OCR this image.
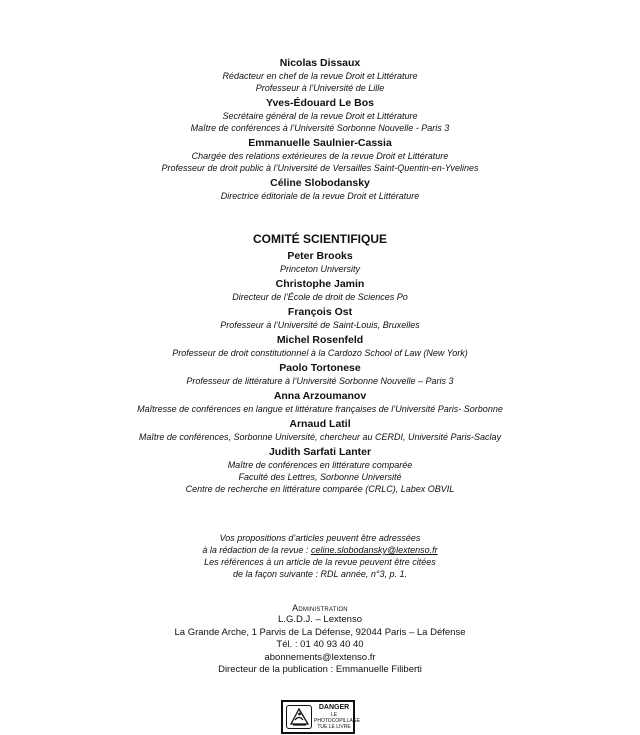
Nicolas Dissaux
Rédacteur en chef de la revue Droit et Littérature
Professeur à l’Université de Lille
Yves-Édouard Le Bos
Secrétaire général de la revue Droit et Littérature
Maître de conférences à l’Université Sorbonne Nouvelle - Paris 3
Emmanuelle Saulnier-Cassia
Chargée des relations extérieures de la revue Droit et Littérature
Professeur de droit public à l’Université de Versailles Saint-Quentin-en-Yvelines
Céline Slobodansky
Directrice éditoriale de la revue Droit et Littérature
COMITÉ SCIENTIFIQUE
Peter Brooks
Princeton University
Christophe Jamin
Directeur de l’École de droit de Sciences Po
François Ost
Professeur à l’Université de Saint-Louis, Bruxelles
Michel Rosenfeld
Professeur de droit constitutionnel à la Cardozo School of Law (New York)
Paolo Tortonese
Professeur de littérature à l’Université Sorbonne Nouvelle – Paris 3
Anna Arzoumanov
Maîtresse de conférences en langue et littérature françaises de l’Université Paris- Sorbonne
Arnaud Latil
Maître de conférences, Sorbonne Université, chercheur au CERDI, Université Paris-Saclay
Judith Sarfati Lanter
Maître de conférences en littérature comparée
Faculté des Lettres, Sorbonne Université
Centre de recherche en littérature comparée (CRLC), Labex OBVIL
Vos propositions d’articles peuvent être adressées
à la rédaction de la revue : celine.slobodansky@lextenso.fr
Les références à un article de la revue peuvent être citées
de la façon suivante : RDL année, n°3, p. 1.
Administration
L.G.D.J. – Lextenso
La Grande Arche, 1 Parvis de La Défense, 92044 Paris – La Défense
Tél. : 01 40 93 40 40
abonnements@lextenso.fr
Directeur de la publication : Emmanuelle Filiberti
DANGER
LE
PHOTOCOPILLAGE
TUE LE LIVRE
